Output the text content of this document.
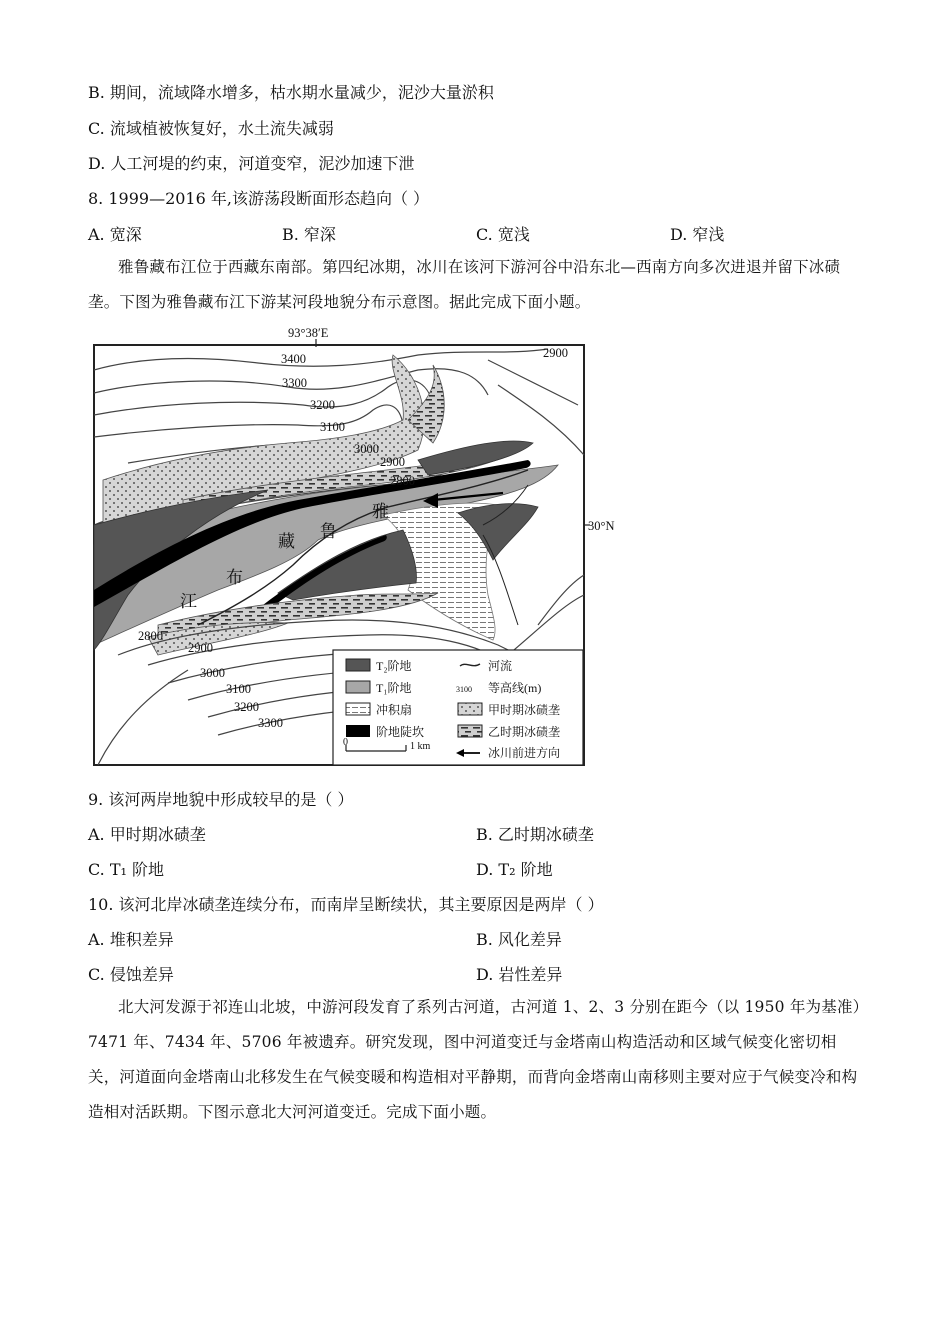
B. 期间，流域降水增多，枯水期水量减少，泥沙大量淤积
C. 流域植被恢复好，水土流失减弱
D. 人工河堤的约束，河道变窄，泥沙加速下泄
8. 1999—2016 年,该游荡段断面形态趋向（ ）
A. 宽深	B. 窄深	C. 宽浅	D. 窄浅
雅鲁藏布江位于西藏东南部。第四纪冰期，冰川在该河下游河谷中沿东北—西南方向多次进退并留下冰碛垄。下图为雅鲁藏布江下游某河段地貌分布示意图。据此完成下面小题。
93°38′E
30°N
2900
3400
3300
3200
3100
3000
2900
2800
2800
2900
3000
3100
3200
3300
雅
鲁
藏
布
江
T₂阶地
T₁阶地
冲积扇
阶地陡坎
河流
3100 等高线(m)
甲时期冰碛垄
乙时期冰碛垄
冰川前进方向
0	1 km
9. 该河两岸地貌中形成较早的是（ ）
A. 甲时期冰碛垄	B. 乙时期冰碛垄
C. T₁ 阶地	D. T₂ 阶地
10. 该河北岸冰碛垄连续分布，而南岸呈断续状，其主要原因是两岸（ ）
A. 堆积差异	B. 风化差异
C. 侵蚀差异	D. 岩性差异
北大河发源于祁连山北坡，中游河段发育了系列古河道，古河道 1、2、3 分别在距今（以 1950 年为基准）7471 年、7434 年、5706 年被遗弃。研究发现，图中河道变迁与金塔南山构造活动和区域气候变化密切相关，河道面向金塔南山北移发生在气候变暖和构造相对平静期，而背向金塔南山南移则主要对应于气候变冷和构造相对活跃期。下图示意北大河河道变迁。完成下面小题。
